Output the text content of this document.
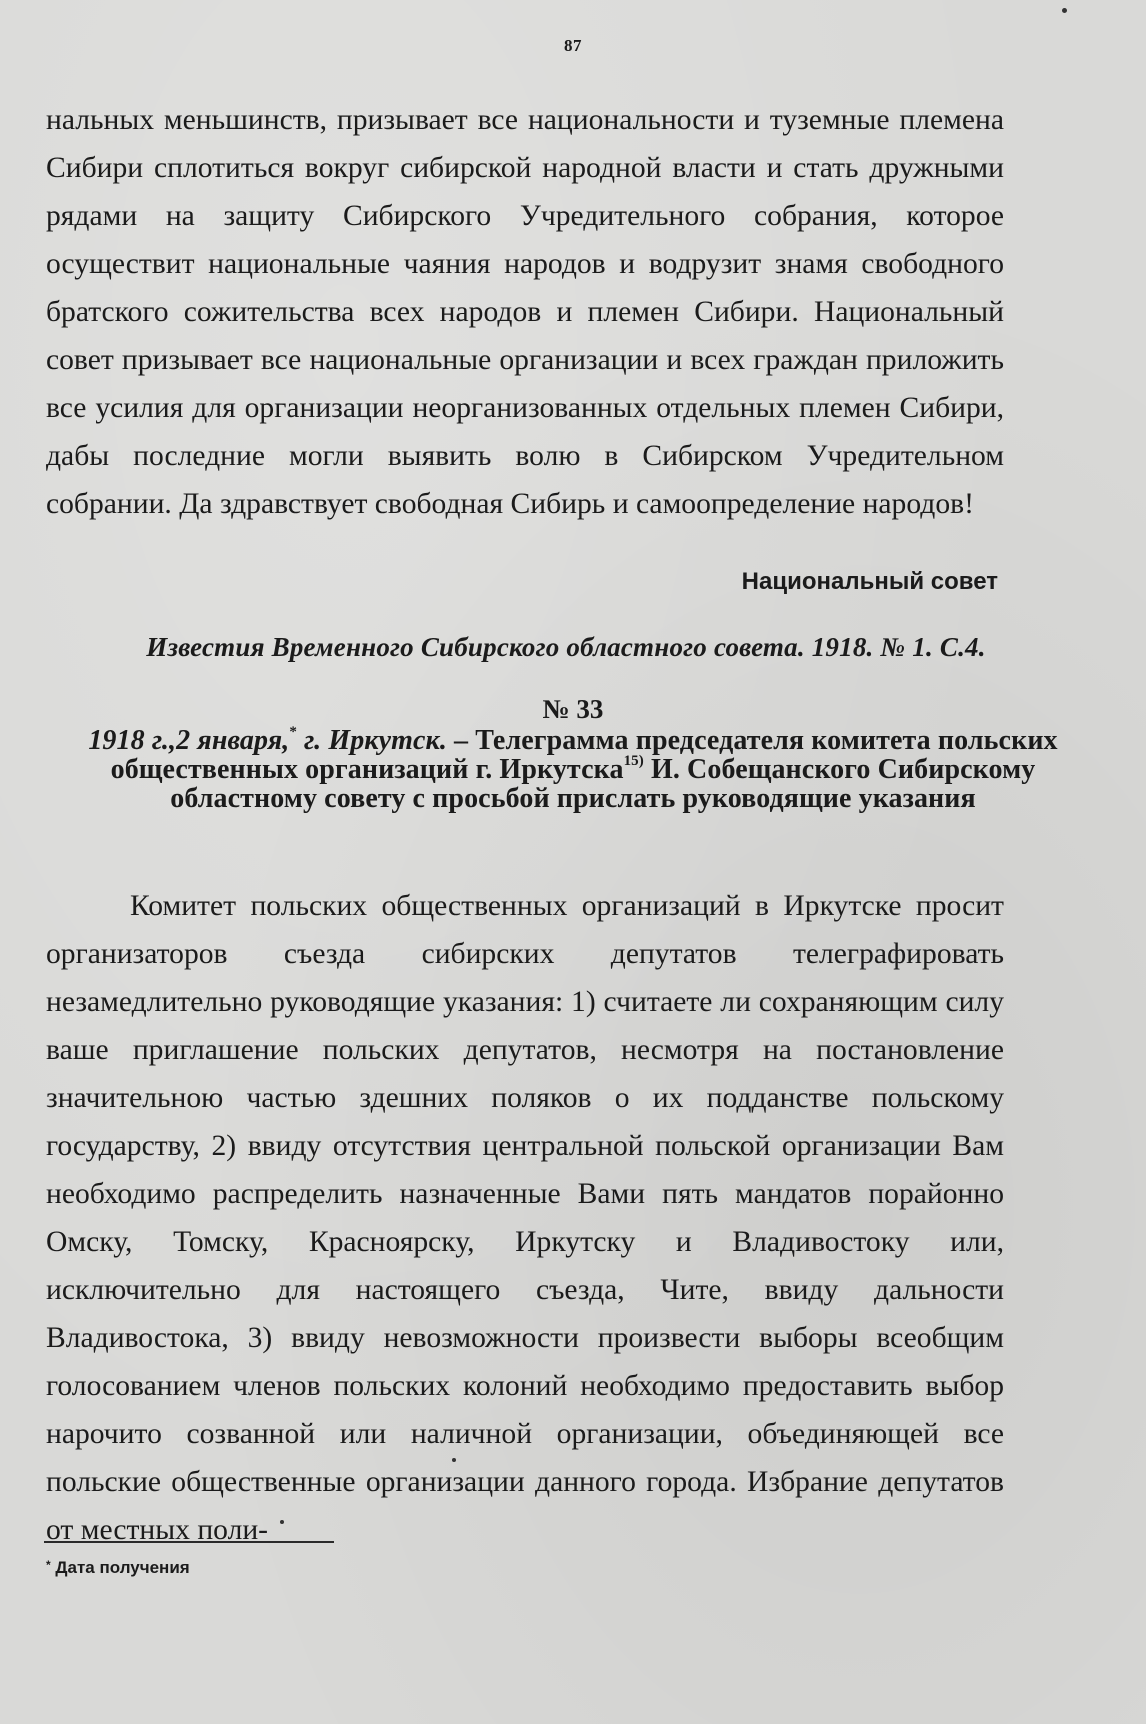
87
нальных меньшинств, призывает все национальности и туземные племена Сибири сплотиться вокруг сибирской народной власти и стать дружными рядами на защиту Сибирского Учредительного собрания, которое осуществит национальные чаяния народов и водрузит знамя свободного братского сожительства всех народов и племен Сибири. Национальный совет призывает все национальные организации и всех граждан приложить все усилия для организации неорганизованных отдельных племен Сибири, дабы последние могли выявить волю в Сибирском Учредительном собрании. Да здравствует свободная Сибирь и самоопределение народов!
Национальный совет
Известия Временного Сибирского областного совета. 1918. № 1. С.4.
№ 33
1918 г.,2 января,* г. Иркутск. – Телеграмма председателя комитета польских общественных организаций г. Иркутска$^{15)}$ И. Собещанского Сибирскому областному совету с просьбой прислать руководящие указания
Комитет польских общественных организаций в Иркутске просит организаторов съезда сибирских депутатов телеграфировать незамедлительно руководящие указания: 1) считаете ли сохраняющим силу ваше приглашение польских депутатов, несмотря на постановление значительною частью здешних поляков о их подданстве польскому государству, 2) ввиду отсутствия центральной польской организации Вам необходимо распределить назначенные Вами пять мандатов порайонно Омску, Томску, Красноярску, Иркутску и Владивостоку или, исключительно для настоящего съезда, Чите, ввиду дальности Владивостока, 3) ввиду невозможности произвести выборы всеобщим голосованием членов польских колоний необходимо предоставить выбор нарочито созванной или наличной организации, объединяющей все польские общественные организации данного города. Избрание депутатов от местных поли-
* Дата получения
